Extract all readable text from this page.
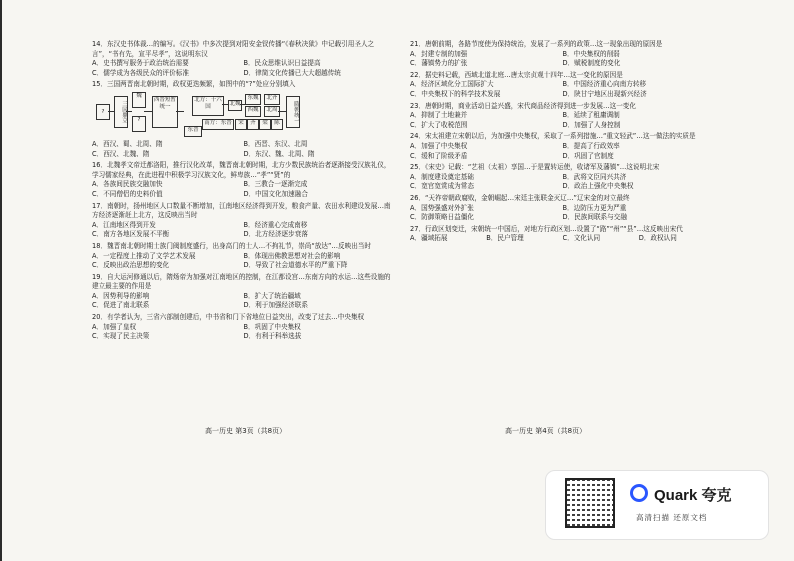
14．东汉史书体裁…的编写。《汉书》中多次提到对阳安金钗传播“《春秋决狱》中记载引用圣人之言”，“书有先，宣平尽孝”，这说明东汉
A．史书撰写服务于政治统治需要	B．民众思维认识日益提高
C．儒学成为各级民众的评价标准	D．律简文化传播已大大超越传统
15．三国两晋南北朝时期，政权更迭频繁，如图中的“?”处应分别填入
?	三国鼎立
魏
?
西晋短暂统一
东晋
北方：十六国	北魏
东魏
西魏
北齐
北周	隋朝统一
南方：东晋	宋	齐	梁	陈
A．西汉、蜀、北周、隋	B．西晋、东汉、北周
C．西汉、北魏、隋	D．东汉、魏、北周、隋
16．北魏孝文帝迁都洛阳，推行汉化改革，魏晋南北朝时期，北方少数民族统治者逐渐接受汉族礼仪，学习儒家经典，在此进程中积极学习汉族文化，鲜卑族…“孝”“贤”的
A．各族间民族交融加快	B．三教合一逐渐完成
C．不同僧侣的史料价值	D．中国文化加速融合
17．南朝时，扬州地区人口数量不断增加，江南地区经济得到开发，粮食产量、农田水利建设发展…南方经济逐渐赶上北方，这反映出当时
A．江南地区得到开发	B．经济重心完成南移
C．南方各地区发展不平衡	D．北方经济逐步衰落
18．魏晋南北朝时期士族门阀制度盛行，出身高门的士人…不拘礼节，崇尚“放达”…反映出当时
A．一定程度上推动了文学艺术发展	B．体现出佛教思想对社会的影响
C．反映出政治思想的变化	D．导致了社会道德水平的严重下降
19．自大运河修通以后，隋炀帝为加强对江南地区的控制，在江都设宫…东南方向的水运…这些设施的建立最主要的作用是
A．因势利导的影响	B．扩大了统治疆域
C．促进了南北联系	D．利于加强经济联系
20．有学者认为，三省六部制创建后，中书省和门下省地位日益突出，改变了过去…中央集权
A．加强了皇权	B．巩固了中央集权
C．实现了民主决策	D．有利于科举选拔
高一历史 第3页（共8页）
21．唐朝前期，各路节度使为保持统治，发展了一系列的政策…这一现象出现的原因是
A．封建专制的加强	B．中央集权的削弱
C．藩镇势力的扩张	D．赋税制度的变化
22．据史料记载，西域北道北庭…唐太宗贞观十四年…这一变化的原因是
A．经济区域化分工国际扩大	B．中国经济重心向南方转移
C．中央集权下的科学技术发展	D．陕甘宁地区出现新兴经济
23．唐朝时期，商业活动日益兴盛，宋代商品经济得到进一步发展…这一变化
A．抑制了土地兼并	B．延续了租庸调制
C．扩大了收税范围	D．加强了人身控制
24．宋太祖建立宋朝以后，为加强中央集权，采取了一系列措施…“重文轻武”…这一做法的实质是
A．加强了中央集权	B．提高了行政效率
C．缓和了阶级矛盾	D．巩固了官制度
25．《宋史》记载：“艺祖（太祖）享国…于是置转运使，收诸军及藩镇”…这说明北宋
A．制度建设奠定基础	B．武将文臣同兴共济
C．宽官宽赏成为常态	D．政治上强化中央集权
26．“天祚帝朝政腐败，金朝崛起…宋廷主张联金灭辽…”辽宋金的对立最终
A．国势强盛对外扩张	B．边防压力更为严重
C．防御策略日益僵化	D．民族间联系与交融
27．行政区划变迁，宋朝统一中国后，对地方行政区划…设置了“路”“州”“县”…这反映出宋代
A．疆域拓展	B．民户管理	C．文化认同	D．政权认同
高一历史 第4页（共8页）
Quark 夸克
高清扫描 还原文档
